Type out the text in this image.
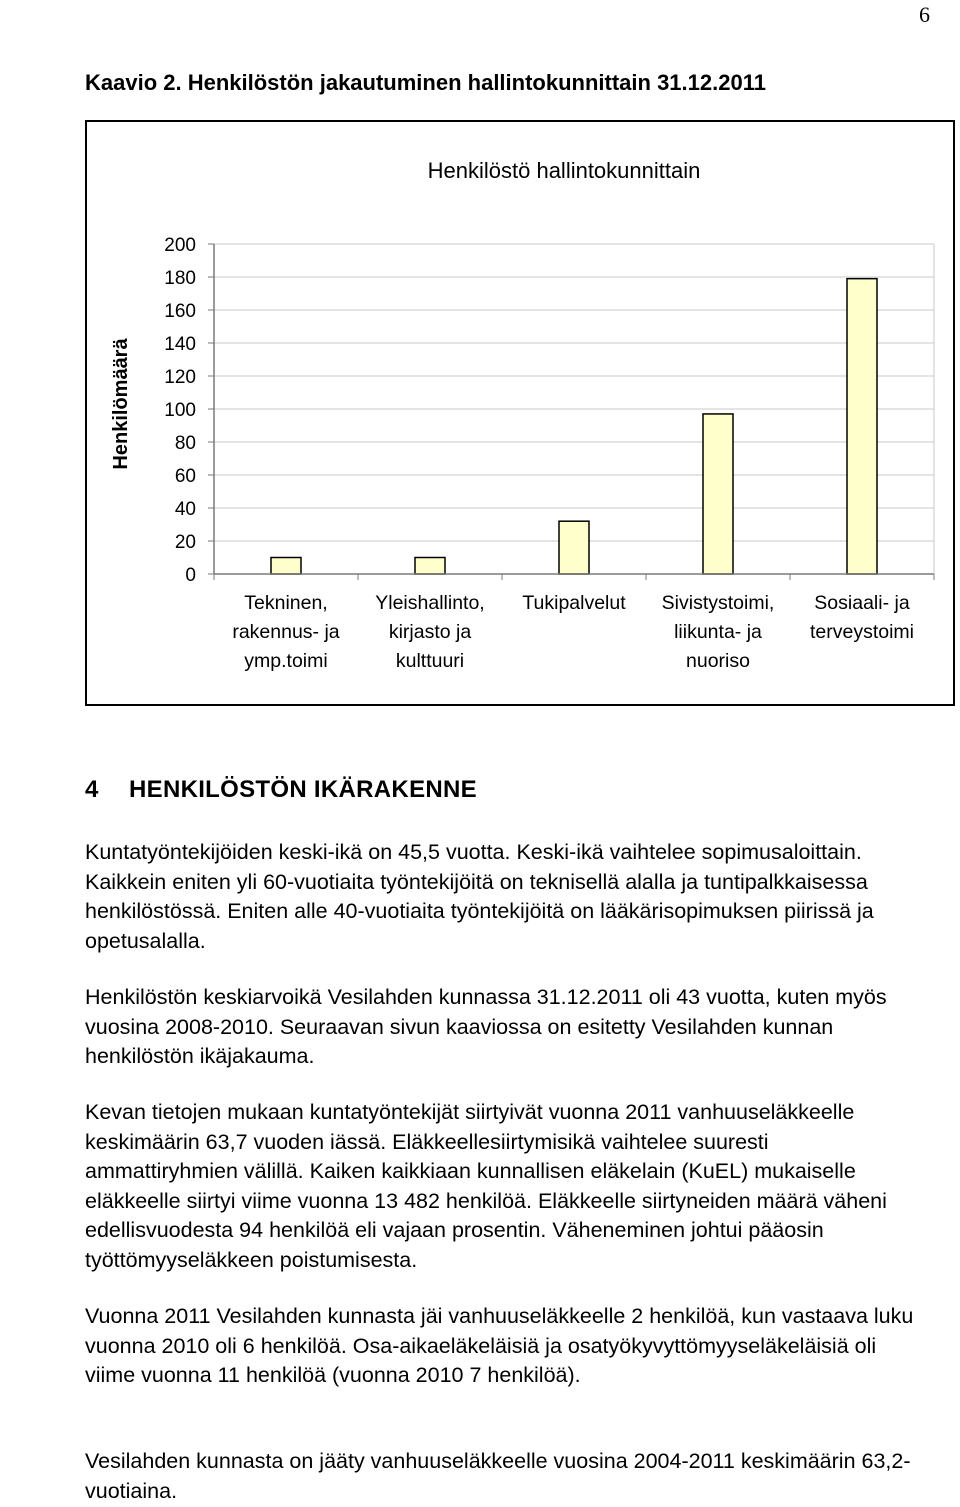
6
Kaavio 2. Henkilöstön jakautuminen hallintokunnittain 31.12.2011
Henkilöstö hallintokunnittain
0
20
40
60
80
100
120
140
160
180
200
Henkilömäärä
Tekninen, rakennus- ja ymp.toimi
Yleishallinto, kirjasto ja kulttuuri
Tukipalvelut Sivistystoimi, liikunta- ja nuoriso
Sosiaali- ja terveystoimi
4 HENKILÖSTÖN IKÄRAKENNE

Kuntatyöntekijöiden keski-ikä on 45,5 vuotta. Keski-ikä vaihtelee sopimusaloittain. Kaikkein eniten yli 60-vuotiaita työntekijöitä on teknisellä alalla ja tuntipalkkaisessa henkilöstössä. Eniten alle 40-vuotiaita työntekijöitä on lääkärisopimuksen piirissä ja opetusalalla.

Henkilöstön keskiarvoikä Vesilahden kunnassa 31.12.2011 oli 43 vuotta, kuten myös vuosina 2008-2010. Seuraavan sivun kaaviossa on esitetty Vesilahden kunnan henkilöstön ikäjakauma.

Kevan tietojen mukaan kuntatyöntekijät siirtyivät vuonna 2011 vanhuuseläkkeelle keskimäärin 63,7 vuoden iässä. Eläkkeellesiirtymisikä vaihtelee suuresti ammattiryhmien välillä. Kaiken kaikkiaan kunnallisen eläkelain (KuEL) mukaiselle eläkkeelle siirtyi viime vuonna 13 482 henkilöä. Eläkkeelle siirtyneiden määrä väheni edellisvuodesta 94 henkilöä eli vajaan prosentin. Väheneminen johtui pääosin työttömyyseläkkeen poistumisesta.

Vuonna 2011 Vesilahden kunnasta jäi vanhuuseläkkeelle 2 henkilöä, kun vastaava luku vuonna 2010 oli 6 henkilöä. Osa-aikaeläkeläisiä ja osatyökyvyttömyyseläkeläisiä oli viime vuonna 11 henkilöä (vuonna 2010 7 henkilöä).

Vesilahden kunnasta on jääty vanhuuseläkkeelle vuosina 2004-2011 keskimäärin 63,2-vuotiaina.
